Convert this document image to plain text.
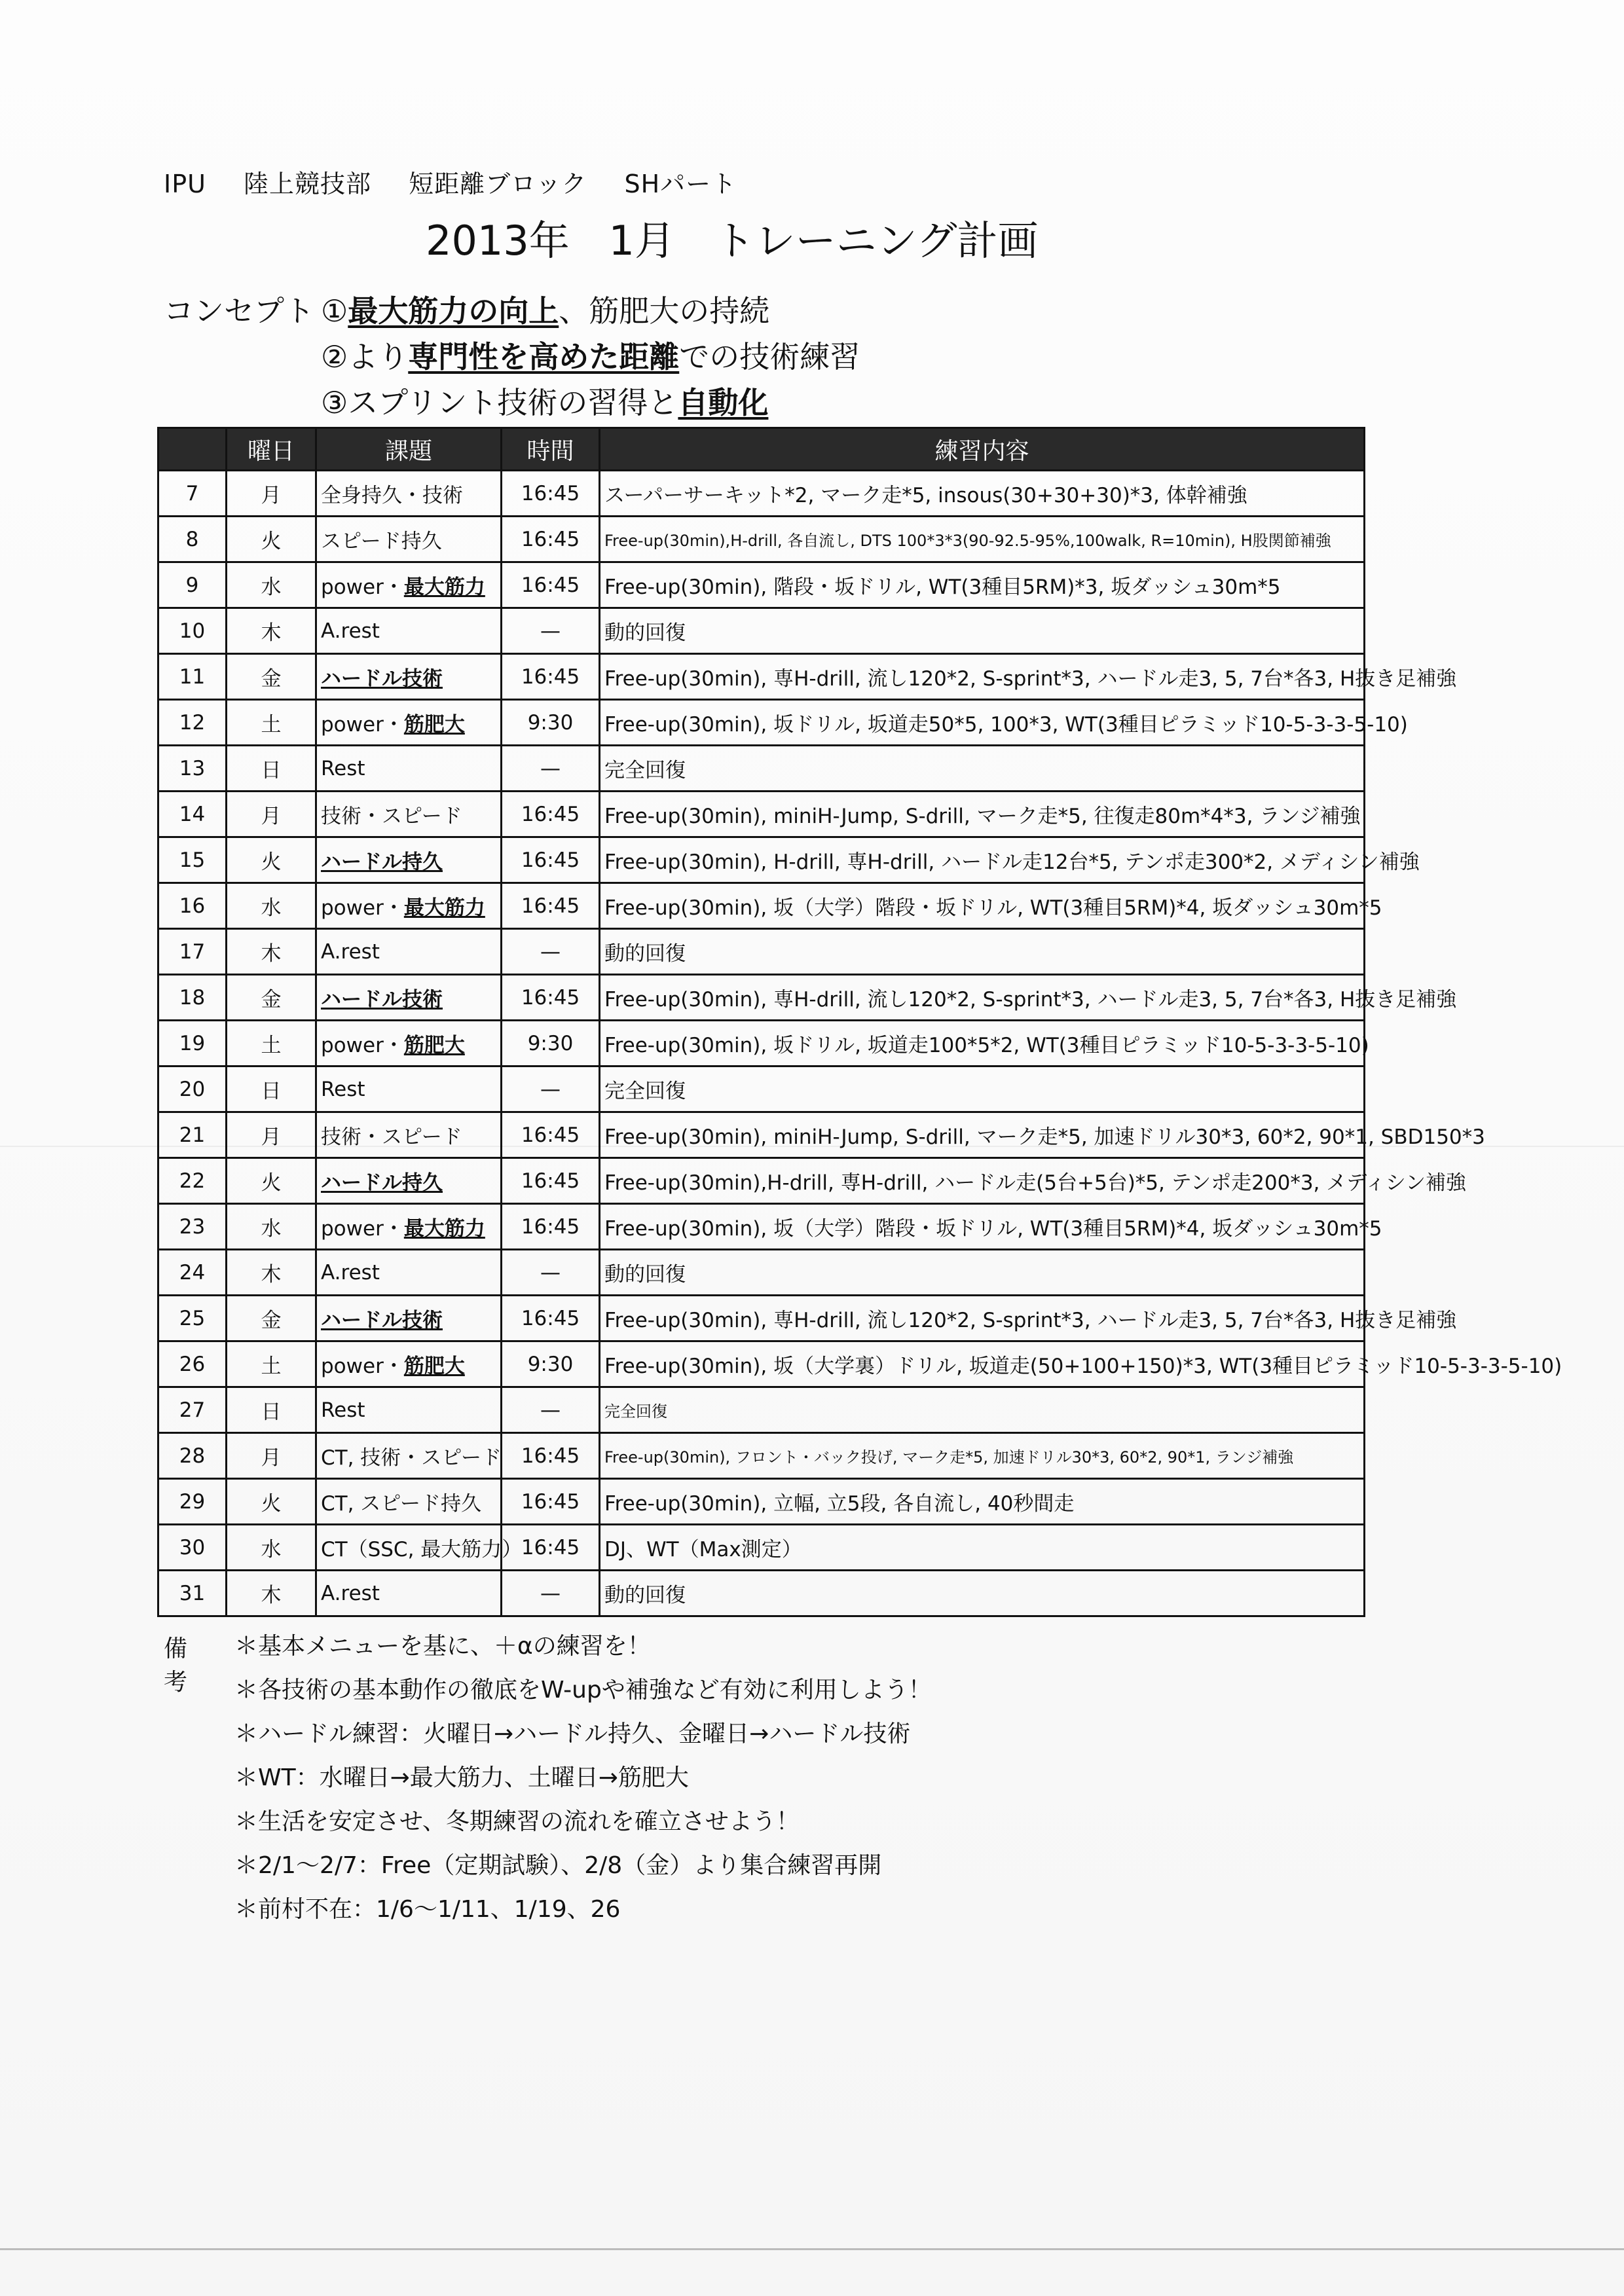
IPU 陸上競技部 短距離ブロック SHパート
2013年 1月 トレーニング計画
コンセプト ①最大筋力の向上、筋肥大の持続
②より専門性を高めた距離での技術練習
③スプリント技術の習得と自動化
	曜日	課題	時間	練習内容
7	月	全身持久・技術	16:45	スーパーサーキット*2, マーク走*5, insous(30+30+30)*3, 体幹補強
8	火	スピード持久	16:45	Free-up(30min),H-drill, 各自流し, DTS 100*3*3(90-92.5-95%,100walk, R=10min), H股関節補強
9	水	power・最大筋力	16:45	Free-up(30min), 階段・坂ドリル, WT(3種目5RM)*3, 坂ダッシュ30m*5
10	木	A.rest	—	動的回復
11	金	ハードル技術	16:45	Free-up(30min), 専H-drill, 流し120*2, S-sprint*3, ハードル走3, 5, 7台*各3, H抜き足補強
12	土	power・筋肥大	9:30	Free-up(30min), 坂ドリル, 坂道走50*5, 100*3, WT(3種目ピラミッド10-5-3-3-5-10)
13	日	Rest	—	完全回復
14	月	技術・スピード	16:45	Free-up(30min), miniH-Jump, S-drill, マーク走*5, 往復走80m*4*3, ランジ補強
15	火	ハードル持久	16:45	Free-up(30min), H-drill, 専H-drill, ハードル走12台*5, テンポ走300*2, メディシン補強
16	水	power・最大筋力	16:45	Free-up(30min), 坂（大学）階段・坂ドリル, WT(3種目5RM)*4, 坂ダッシュ30m*5
17	木	A.rest	—	動的回復
18	金	ハードル技術	16:45	Free-up(30min), 専H-drill, 流し120*2, S-sprint*3, ハードル走3, 5, 7台*各3, H抜き足補強
19	土	power・筋肥大	9:30	Free-up(30min), 坂ドリル, 坂道走100*5*2, WT(3種目ピラミッド10-5-3-3-5-10)
20	日	Rest	—	完全回復
21	月	技術・スピード	16:45	Free-up(30min), miniH-Jump, S-drill, マーク走*5, 加速ドリル30*3, 60*2, 90*1, SBD150*3
22	火	ハードル持久	16:45	Free-up(30min),H-drill, 専H-drill, ハードル走(5台+5台)*5, テンポ走200*3, メディシン補強
23	水	power・最大筋力	16:45	Free-up(30min), 坂（大学）階段・坂ドリル, WT(3種目5RM)*4, 坂ダッシュ30m*5
24	木	A.rest	—	動的回復
25	金	ハードル技術	16:45	Free-up(30min), 専H-drill, 流し120*2, S-sprint*3, ハードル走3, 5, 7台*各3, H抜き足補強
26	土	power・筋肥大	9:30	Free-up(30min), 坂（大学裏）ドリル, 坂道走(50+100+150)*3, WT(3種目ピラミッド10-5-3-3-5-10)
27	日	Rest	—	完全回復
28	月	CT, 技術・スピード	16:45	Free-up(30min), フロント・バック投げ, マーク走*5, 加速ドリル30*3, 60*2, 90*1, ランジ補強
29	火	CT, スピード持久	16:45	Free-up(30min), 立幅, 立5段, 各自流し, 40秒間走
30	水	CT（SSC, 最大筋力）	16:45	DJ、WT（Max測定）
31	木	A.rest	—	動的回復
備考
＊基本メニューを基に、＋αの練習を！
＊各技術の基本動作の徹底をW-upや補強など有効に利用しよう！
＊ハードル練習：火曜日→ハードル持久、金曜日→ハードル技術
＊WT：水曜日→最大筋力、土曜日→筋肥大
＊生活を安定させ、冬期練習の流れを確立させよう！
＊2/1〜2/7：Free（定期試験）、2/8（金）より集合練習再開
＊前村不在：1/6〜1/11、1/19、26
